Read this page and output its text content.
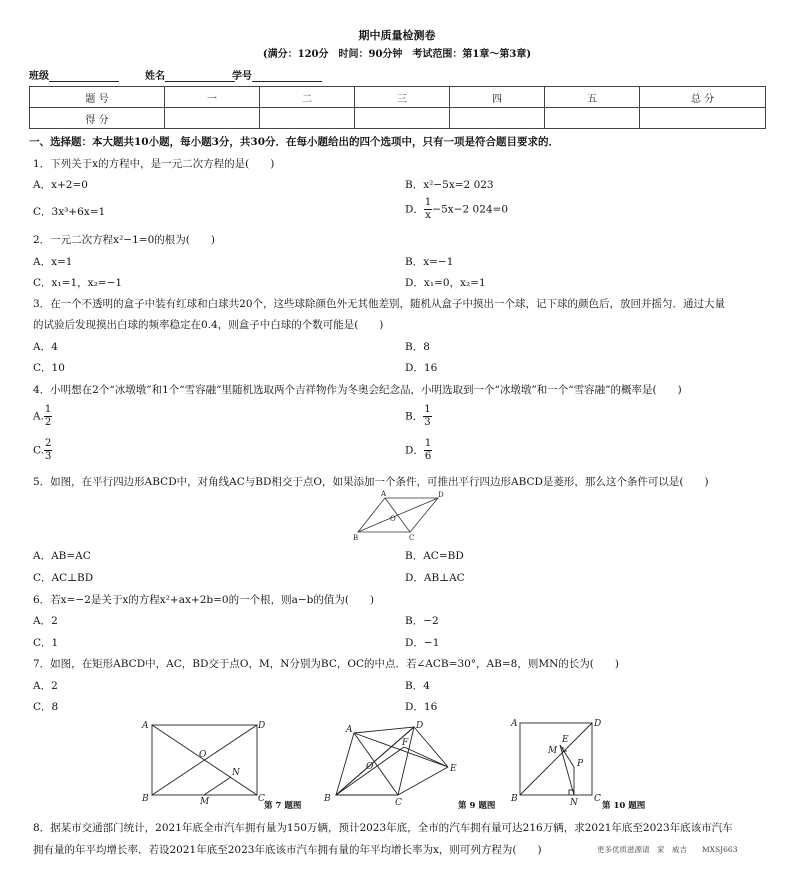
期中质量检测卷
(满分：120分　时间：90分钟　考试范围：第1章～第3章)
班级	姓名	学号
题 号	一	二	三	四	五	总 分
得 分						
一、选择题：本大题共10小题，每小题3分，共30分．在每小题给出的四个选项中，只有一项是符合题目要求的．
1．下列关于x的方程中，是一元二次方程的是(　　)
A．x+2=0	B．x²−5x=2 023
C．3x³+6x=1	D． $\frac{1}{x} -5x-2$ 024=0
2．一元二次方程x²−1=0的根为(　　)
A．x=1	B．x=−1
C．x₁=1，x₂=−1	D．x₁=0，x₂=1
3．在一个不透明的盒子中装有红球和白球共20个，这些球除颜色外无其他差别，随机从盒子中摸出一个球，记下球的颜色后，放回并摇匀．通过大量
的试验后发现摸出白球的频率稳定在0.4，则盒子中白球的个数可能是(　　)
A．4	B．8
C．10	D．16
4．小明想在2个“冰墩墩”和1个“雪容融”里随机选取两个吉祥物作为冬奥会纪念品，小明选取到一个“冰墩墩”和一个“雪容融”的概率是(　　)
A. $\frac{1}{2}$	B． $\frac{1}{3}$
C. $\frac{2}{3}$	D． $\frac{1}{6}$
5．如图，在平行四边形ABCD中，对角线AC与BD相交于点O，如果添加一个条件，可推出平行四边形ABCD是菱形，那么这个条件可以是(　　)
A
B	C
D
O
A．AB=AC	B．AC=BD
C．AC⊥BD	D．AB⊥AC
6．若x=−2是关于x的方程x²+ax+2b=0的一个根，则a−b的值为(　　)
A．2	B．−2
C．1	D．−1
7．如图，在矩形ABCD中，AC，BD交于点O，M，N分别为BC，OC的中点．若∠ACB=30°，AB=8，则MN的长为(　　)
A．2	B．4
C．8	D．16
A	D
O
N
B	M	C
第 7 题图
A	D
F
O	E
B	C	第 9 题图
A	D
E
M
P
B	N C
第 10 题图
8．据某市交通部门统计，2021年底全市汽车拥有量为150万辆，预计2023年底，全市的汽车拥有量可达216万辆，求2021年底至2023年底该市汽车
拥有量的年平均增长率．若设2021年底至2023年底该市汽车拥有量的年平均增长率为x，则可列方程为(　　)	更多优质滋源请　家　威吉　　MXSJ663
